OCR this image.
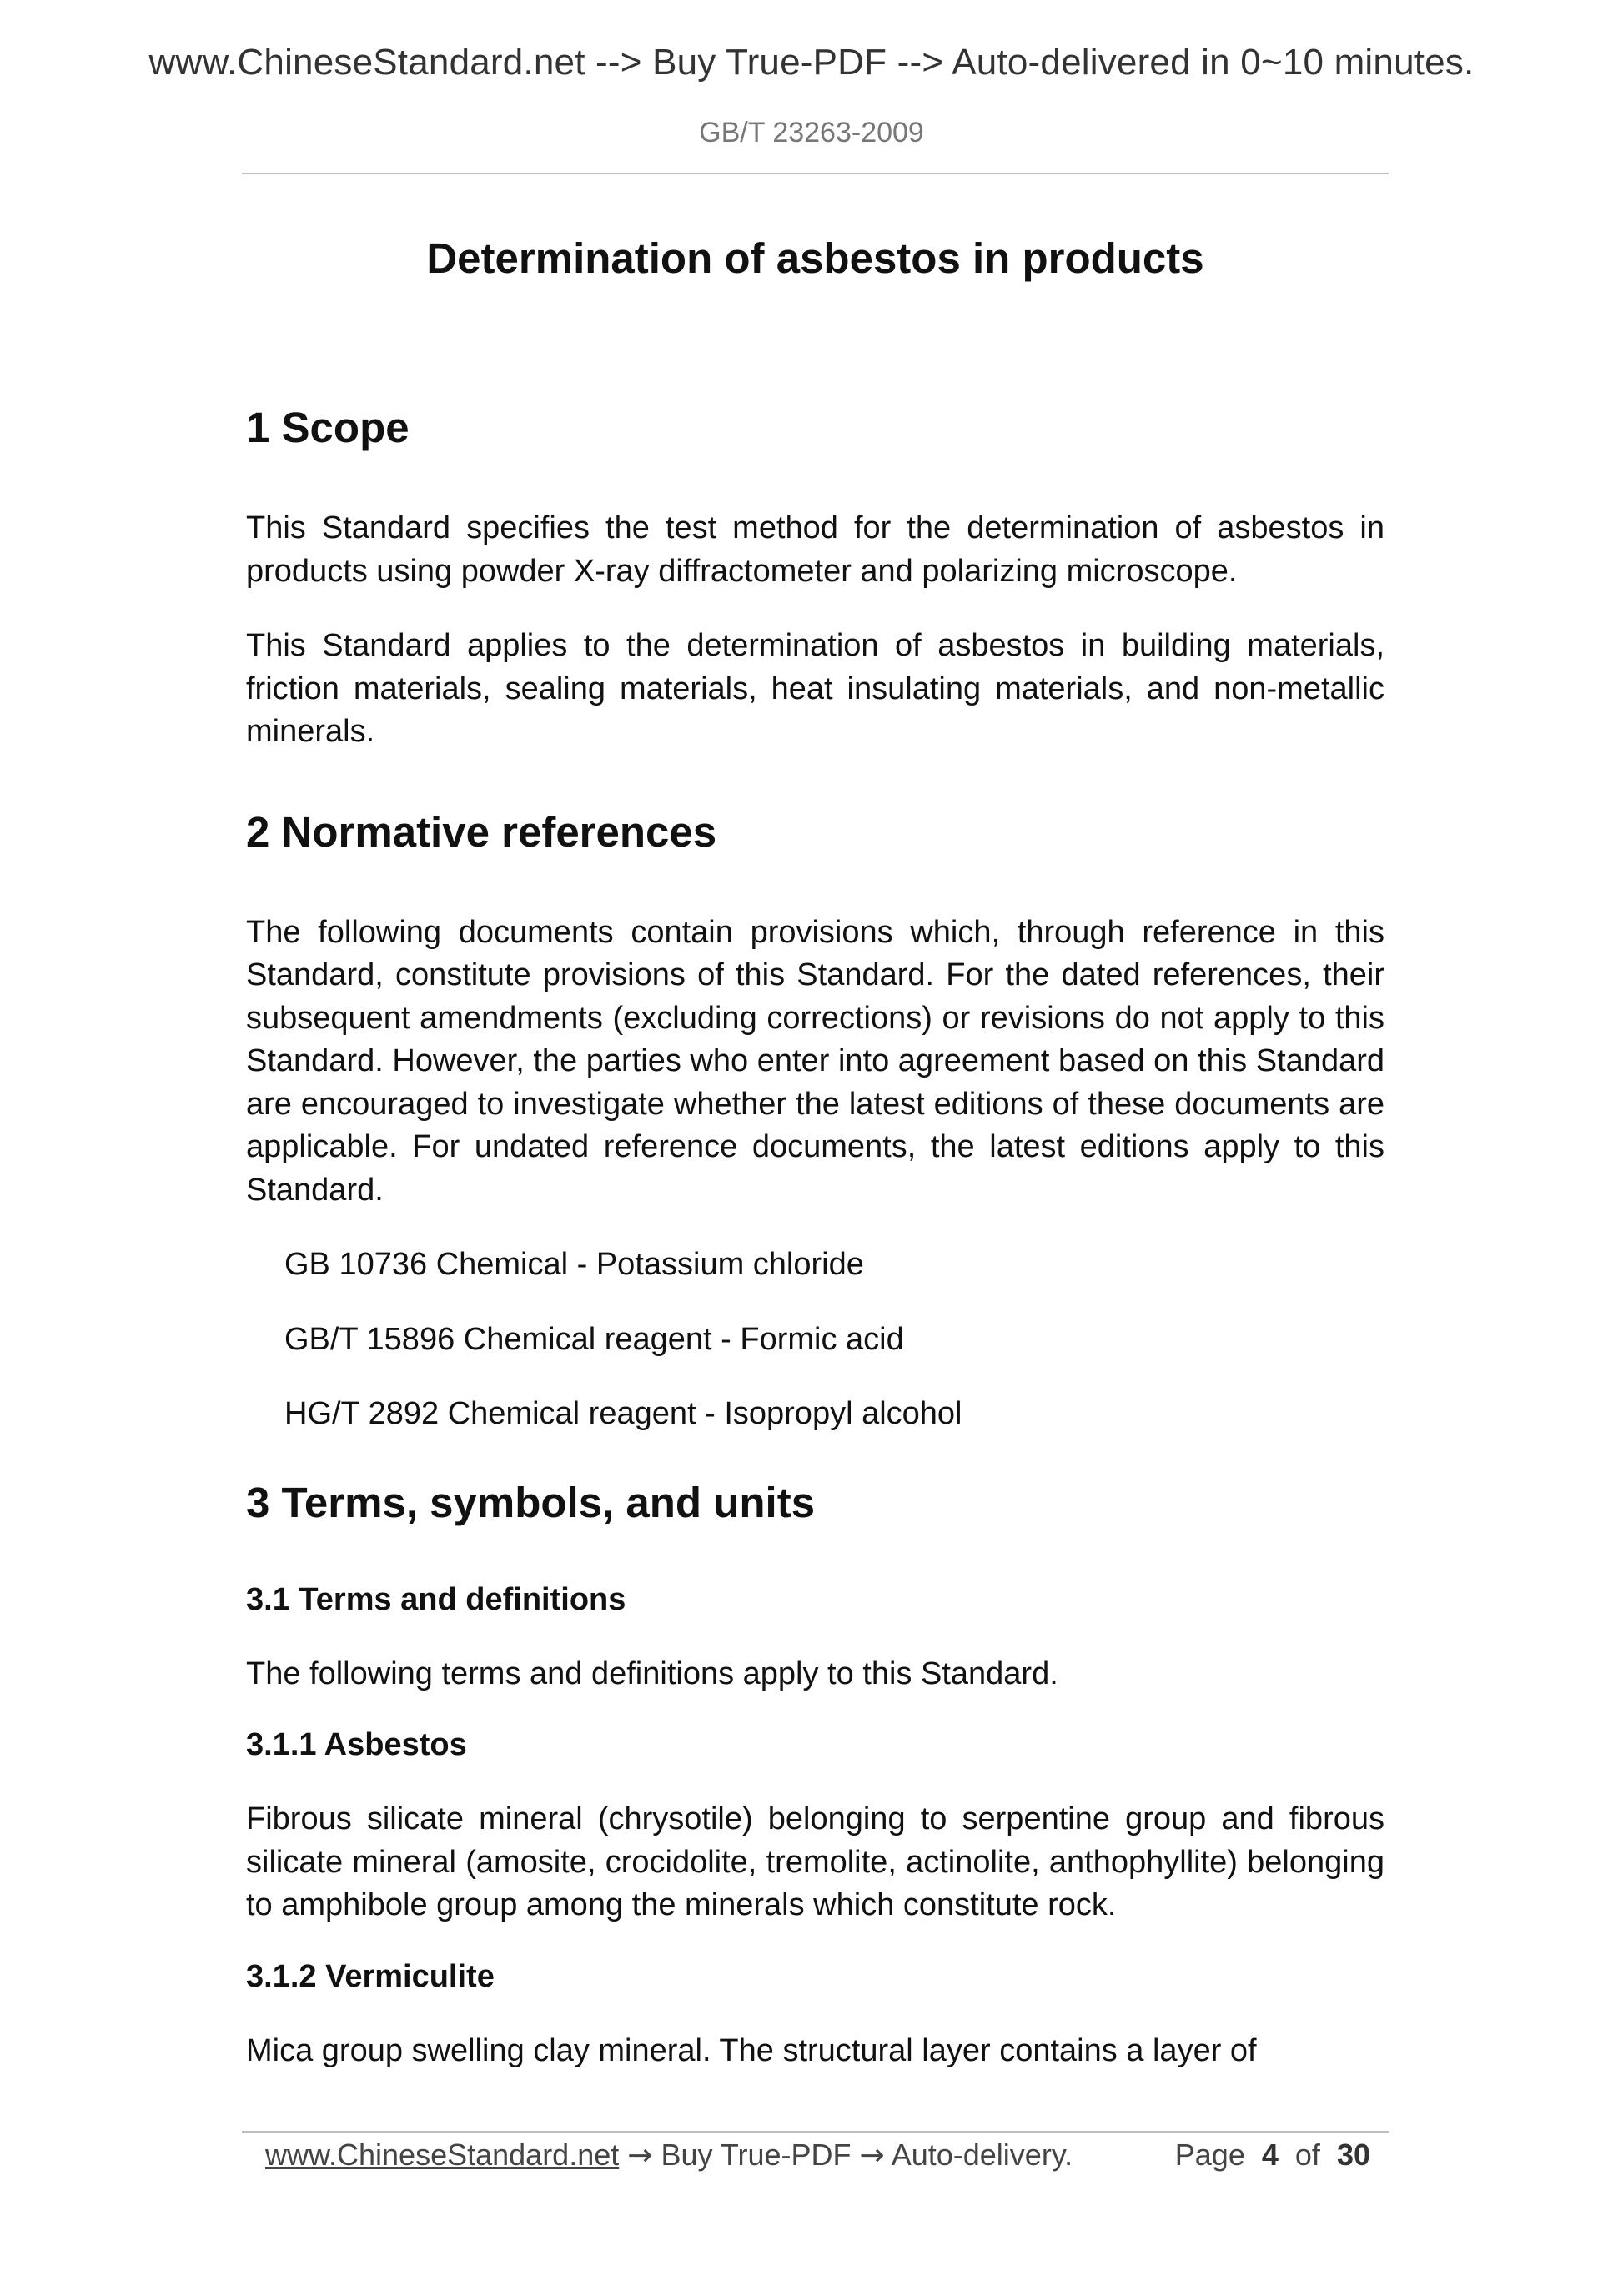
www.ChineseStandard.net --> Buy True-PDF --> Auto-delivered in 0~10 minutes.
GB/T 23263-2009
Determination of asbestos in products
1 Scope

This Standard specifies the test method for the determination of asbestos in products using powder X-ray diffractometer and polarizing microscope.

This Standard applies to the determination of asbestos in building materials, friction materials, sealing materials, heat insulating materials, and non-metallic minerals.

2 Normative references

The following documents contain provisions which, through reference in this Standard, constitute provisions of this Standard. For the dated references, their subsequent amendments (excluding corrections) or revisions do not apply to this Standard. However, the parties who enter into agreement based on this Standard are encouraged to investigate whether the latest editions of these documents are applicable. For undated reference documents, the latest editions apply to this Standard.

GB 10736 Chemical - Potassium chloride
GB/T 15896 Chemical reagent - Formic acid
HG/T 2892 Chemical reagent - Isopropyl alcohol
3 Terms, symbols, and units
3.1 Terms and definitions

The following terms and definitions apply to this Standard.

3.1.1 Asbestos

Fibrous silicate mineral (chrysotile) belonging to serpentine group and fibrous silicate mineral (amosite, crocidolite, tremolite, actinolite, anthophyllite) belonging to amphibole group among the minerals which constitute rock.

3.1.2 Vermiculite

Mica group swelling clay mineral. The structural layer contains a layer of

www.ChineseStandard.net → Buy True-PDF → Auto-delivery.	Page 4 of 30
